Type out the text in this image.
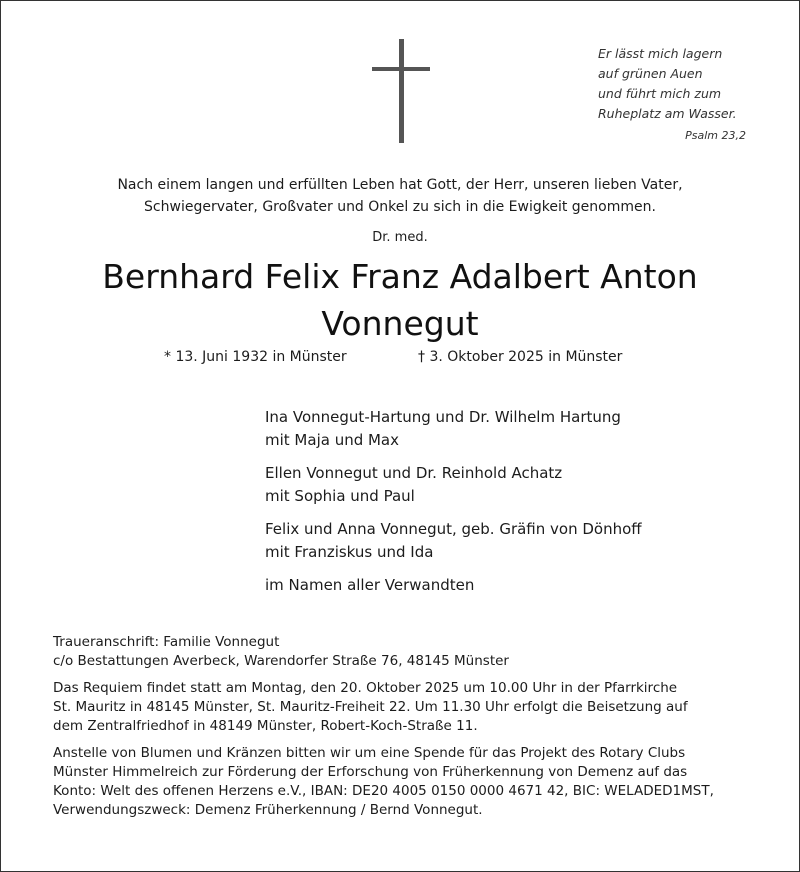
Er lässt mich lagern
auf grünen Auen
und führt mich zum
Ruheplatz am Wasser.
Psalm 23,2
Nach einem langen und erfüllten Leben hat Gott, der Herr, unseren lieben Vater,
Schwiegervater, Großvater und Onkel zu sich in die Ewigkeit genommen.
Dr. med.
Bernhard Felix Franz Adalbert Anton
Vonnegut
* 13. Juni 1932 in Münster	† 3. Oktober 2025 in Münster
Ina Vonnegut-Hartung und Dr. Wilhelm Hartung
mit Maja und Max
Ellen Vonnegut und Dr. Reinhold Achatz
mit Sophia und Paul
Felix und Anna Vonnegut, geb. Gräfin von Dönhoff
mit Franziskus und Ida
im Namen aller Verwandten
Traueranschrift: Familie Vonnegut
c/o Bestattungen Averbeck, Warendorfer Straße 76, 48145 Münster
Das Requiem findet statt am Montag, den 20. Oktober 2025 um 10.00 Uhr in der Pfarrkirche
St. Mauritz in 48145 Münster, St. Mauritz-Freiheit 22. Um 11.30 Uhr erfolgt die Beisetzung auf
dem Zentralfriedhof in 48149 Münster, Robert-Koch-Straße 11.
Anstelle von Blumen und Kränzen bitten wir um eine Spende für das Projekt des Rotary Clubs
Münster Himmelreich zur Förderung der Erforschung von Früherkennung von Demenz auf das
Konto: Welt des offenen Herzens e.V., IBAN: DE20 4005 0150 0000 4671 42, BIC: WELADED1MST,
Verwendungszweck: Demenz Früherkennung / Bernd Vonnegut.
